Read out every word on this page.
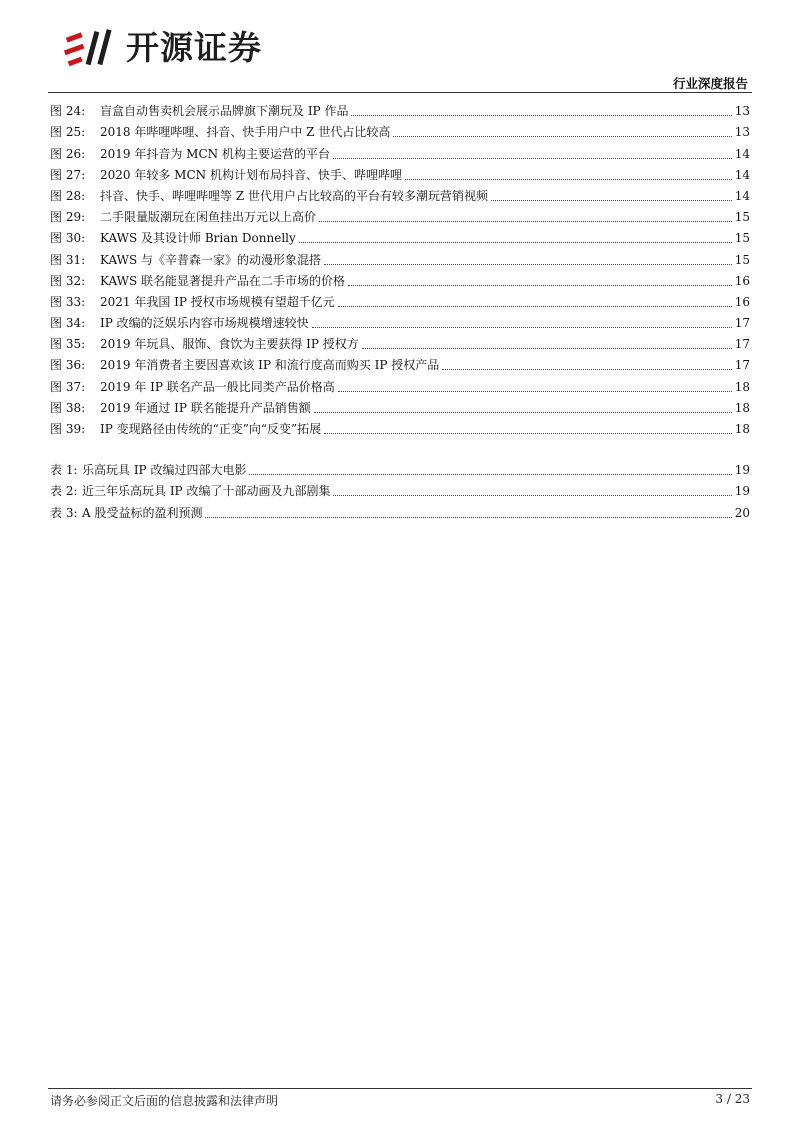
开源证券
行业深度报告
图 24:	盲盒自动售卖机会展示品牌旗下潮玩及 IP 作品	13
图 25:	2018 年哔哩哔哩、抖音、快手用户中 Z 世代占比较高	13
图 26:	2019 年抖音为 MCN 机构主要运营的平台	14
图 27:	2020 年较多 MCN 机构计划布局抖音、快手、哔哩哔哩	14
图 28:	抖音、快手、哔哩哔哩等 Z 世代用户占比较高的平台有较多潮玩营销视频	14
图 29:	二手限量版潮玩在闲鱼挂出万元以上高价	15
图 30:	KAWS 及其设计师 Brian Donnelly	15
图 31:	KAWS 与《辛普森一家》的动漫形象混搭	15
图 32:	KAWS 联名能显著提升产品在二手市场的价格	16
图 33:	2021 年我国 IP 授权市场规模有望超千亿元	16
图 34:	IP 改编的泛娱乐内容市场规模增速较快	17
图 35:	2019 年玩具、服饰、食饮为主要获得 IP 授权方	17
图 36:	2019 年消费者主要因喜欢该 IP 和流行度高而购买 IP 授权产品	17
图 37:	2019 年 IP 联名产品一般比同类产品价格高	18
图 38:	2019 年通过 IP 联名能提升产品销售额	18
图 39:	IP 变现路径由传统的“正变”向“反变”拓展	18
表 1: 乐高玩具 IP 改编过四部大电影	19
表 2: 近三年乐高玩具 IP 改编了十部动画及九部剧集	19
表 3: A 股受益标的盈利预测	20
请务必参阅正文后面的信息披露和法律声明	3 / 23
